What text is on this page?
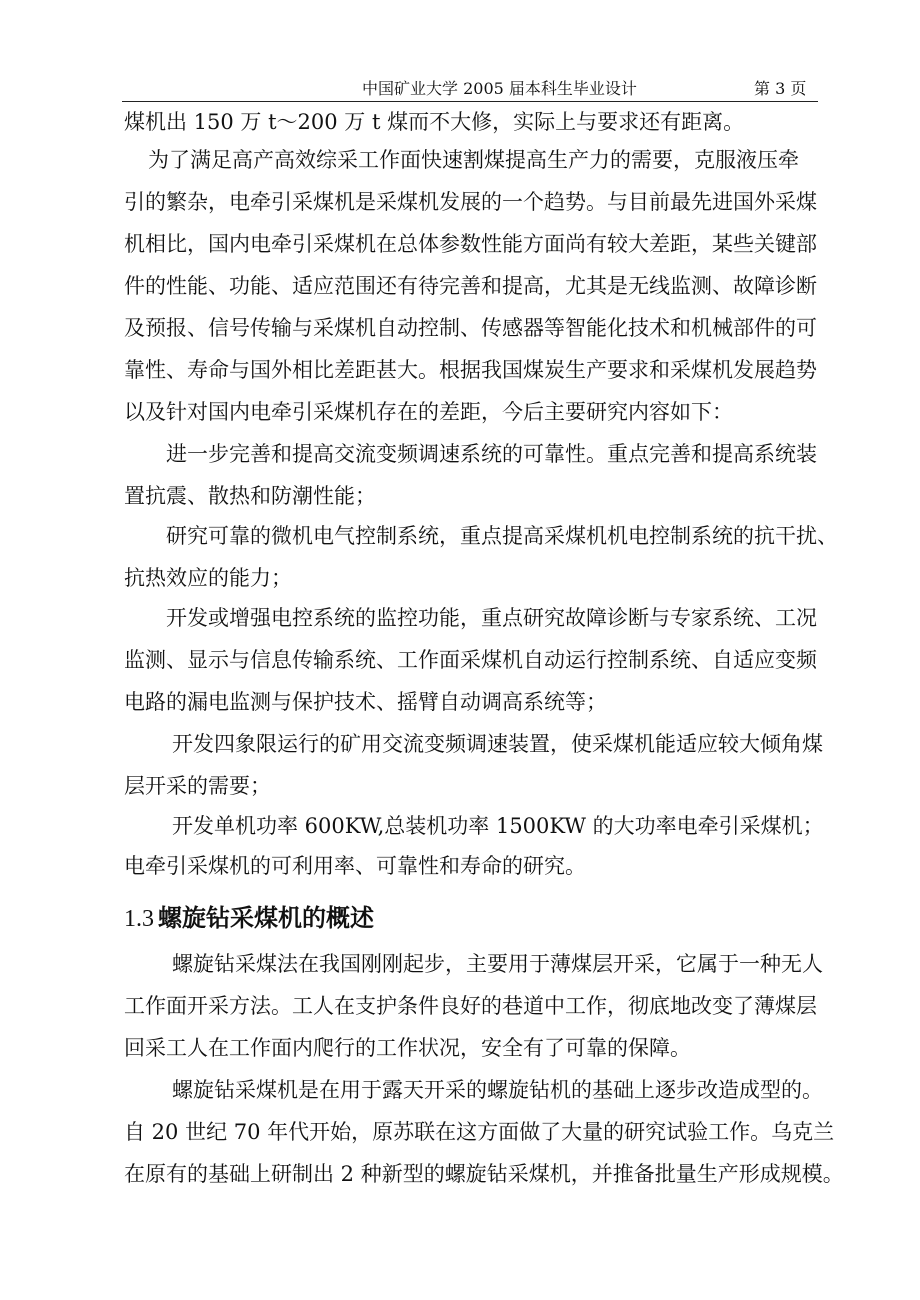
中国矿业大学 2005 届本科生毕业设计	第 3 页
煤机出 150 万 t～200 万 t 煤而不大修，实际上与要求还有距离。
为了满足高产高效综采工作面快速割煤提高生产力的需要，克服液压牵
引的繁杂，电牵引采煤机是采煤机发展的一个趋势。与目前最先进国外采煤
机相比，国内电牵引采煤机在总体参数性能方面尚有较大差距，某些关键部
件的性能、功能、适应范围还有待完善和提高，尤其是无线监测、故障诊断
及预报、信号传输与采煤机自动控制、传感器等智能化技术和机械部件的可
靠性、寿命与国外相比差距甚大。根据我国煤炭生产要求和采煤机发展趋势
以及针对国内电牵引采煤机存在的差距，今后主要研究内容如下：
进一步完善和提高交流变频调速系统的可靠性。重点完善和提高系统装
置抗震、散热和防潮性能；
研究可靠的微机电气控制系统，重点提高采煤机机电控制系统的抗干扰、
抗热效应的能力；
开发或增强电控系统的监控功能，重点研究故障诊断与专家系统、工况
监测、显示与信息传输系统、工作面采煤机自动运行控制系统、自适应变频
电路的漏电监测与保护技术、摇臂自动调高系统等；
开发四象限运行的矿用交流变频调速装置，使采煤机能适应较大倾角煤
层开采的需要；
开发单机功率 600KW,总装机功率 1500KW 的大功率电牵引采煤机；
电牵引采煤机的可利用率、可靠性和寿命的研究。
1.3 螺旋钻采煤机的概述
螺旋钻采煤法在我国刚刚起步，主要用于薄煤层开采，它属于一种无人
工作面开采方法。工人在支护条件良好的巷道中工作，彻底地改变了薄煤层
回采工人在工作面内爬行的工作状况，安全有了可靠的保障。
螺旋钻采煤机是在用于露天开采的螺旋钻机的基础上逐步改造成型的。
自 20 世纪 70 年代开始，原苏联在这方面做了大量的研究试验工作。乌克兰
在原有的基础上研制出 2 种新型的螺旋钻采煤机，并推备批量生产形成规模。
